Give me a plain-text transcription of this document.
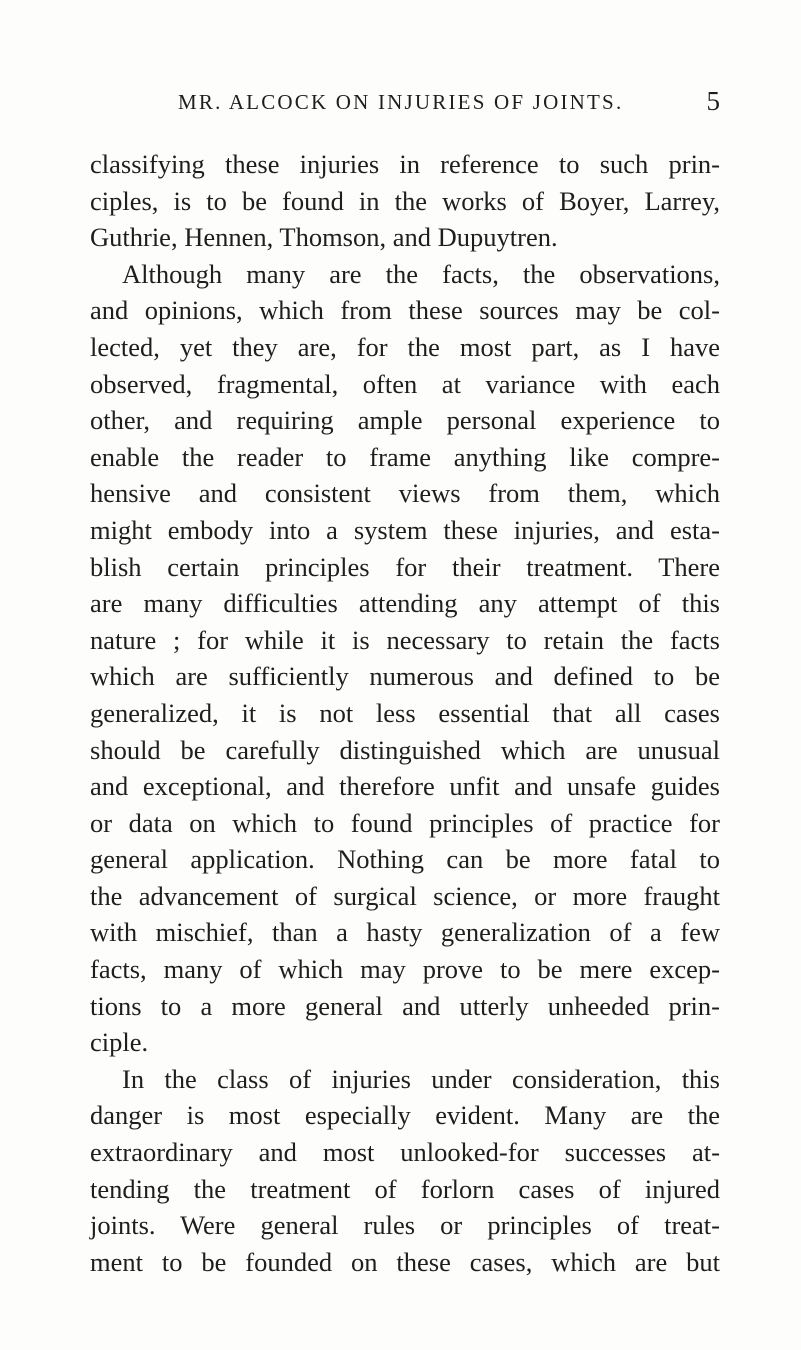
MR. ALCOCK ON INJURIES OF JOINTS.	5
classifying these injuries in reference to such prin-
ciples, is to be found in the works of Boyer, Larrey,
Guthrie, Hennen, Thomson, and Dupuytren.
Although many are the facts, the observations,
and opinions, which from these sources may be col-
lected, yet they are, for the most part, as I have
observed, fragmental, often at variance with each
other, and requiring ample personal experience to
enable the reader to frame anything like compre-
hensive and consistent views from them, which
might embody into a system these injuries, and esta-
blish certain principles for their treatment. There
are many difficulties attending any attempt of this
nature ; for while it is necessary to retain the facts
which are sufficiently numerous and defined to be
generalized, it is not less essential that all cases
should be carefully distinguished which are unusual
and exceptional, and therefore unfit and unsafe guides
or data on which to found principles of practice for
general application. Nothing can be more fatal to
the advancement of surgical science, or more fraught
with mischief, than a hasty generalization of a few
facts, many of which may prove to be mere excep-
tions to a more general and utterly unheeded prin-
ciple.
In the class of injuries under consideration, this
danger is most especially evident. Many are the
extraordinary and most unlooked-for successes at-
tending the treatment of forlorn cases of injured
joints. Were general rules or principles of treat-
ment to be founded on these cases, which are but
